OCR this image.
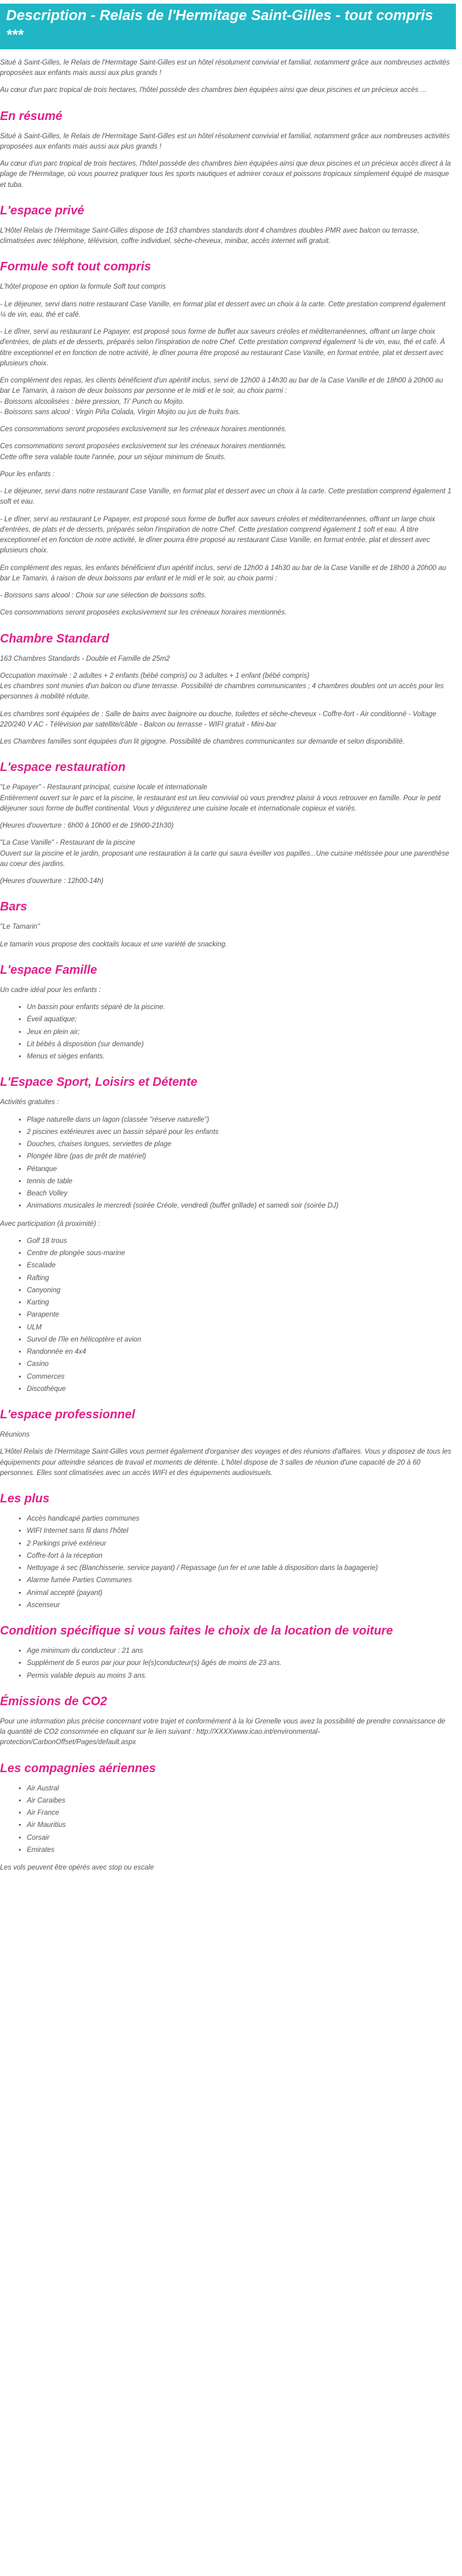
Description - Relais de l'Hermitage Saint-Gilles - tout compris ***

Situé à Saint-Gilles, le Relais de l'Hermitage Saint-Gilles est un hôtel résolument convivial et familial, notamment grâce aux nombreuses activités proposées aux enfants mais aussi aux plus grands !

Au cœur d'un parc tropical de trois hectares, l'hôtel possède des chambres bien équipées ainsi que deux piscines et un précieux accès ...

En résumé

Situé à Saint-Gilles, le Relais de l'Hermitage Saint-Gilles est un hôtel résolument convivial et familial, notamment grâce aux nombreuses activités proposées aux enfants mais aussi aux plus grands !

Au cœur d'un parc tropical de trois hectares, l'hôtel possède des chambres bien équipées ainsi que deux piscines et un précieux accès direct à la plage de l'Hermitage, où vous pourrez pratiquer tous les sports nautiques et admirer coraux et poissons tropicaux simplement équipé de masque et tuba.

L'espace privé

L'Hôtel Relais de l'Hermitage Saint-Gilles dispose de 163 chambres standards dont 4 chambres doubles PMR avec balcon ou terrasse, climatisées avec téléphone, télévision, coffre individuel, sèche-cheveux, minibar, accès internet wifi gratuit.

Formule soft tout compris

L'hôtel propose en option la formule Soft tout compris

- Le déjeuner, servi dans notre restaurant Case Vanille, en format plat et dessert avec un choix à la carte. Cette prestation comprend également ¼ de vin, eau, thé et café.

- Le dîner, servi au restaurant Le Papayer, est proposé sous forme de buffet aux saveurs créoles et méditerranéennes, offrant un large choix d'entrées, de plats et de desserts, préparés selon l'inspiration de notre Chef. Cette prestation comprend également ¼ de vin, eau, thé et café. À titre exceptionnel et en fonction de notre activité, le dîner pourra être proposé au restaurant Case Vanille, en format entrée, plat et dessert avec plusieurs choix.

En complément des repas, les clients bénéficient d'un apéritif inclus, servi de 12h00 à 14h30 au bar de la Case Vanille et de 18h00 à 20h00 au bar Le Tamarin, à raison de deux boissons par personne et le midi et le soir, au choix parmi :
- Boissons alcoolisées : bière pression, Ti' Punch ou Mojito.
- Boissons sans alcool : Virgin Piña Colada, Virgin Mojito ou jus de fruits frais.

Ces consommations seront proposées exclusivement sur les créneaux horaires mentionnés.

Ces consommations seront proposées exclusivement sur les créneaux horaires mentionnés.
Cette offre sera valable toute l'année, pour un séjour minimum de 5nuits.

Pour les enfants :

- Le déjeuner, servi dans notre restaurant Case Vanille, en format plat et dessert avec un choix à la carte. Cette prestation comprend également 1 soft et eau.

- Le dîner, servi au restaurant Le Papayer, est proposé sous forme de buffet aux saveurs créoles et méditerranéennes, offrant un large choix d'entrées, de plats et de desserts, préparés selon l'inspiration de notre Chef. Cette prestation comprend également 1 soft et eau. À titre exceptionnel et en fonction de notre activité, le dîner pourra être proposé au restaurant Case Vanille, en format entrée, plat et dessert avec plusieurs choix.

En complément des repas, les enfants bénéficient d'un apéritif inclus, servi de 12h00 à 14h30 au bar de la Case Vanille et de 18h00 à 20h00 au bar Le Tamarin, à raison de deux boissons par enfant et le midi et le soir, au choix parmi :

- Boissons sans alcool : Choix sur une sélection de boissons softs.

Ces consommations seront proposées exclusivement sur les créneaux horaires mentionnés.

Chambre Standard

163 Chambres Standards - Double et Famille de 25m2

Occupation maximale : 2 adultes + 2 enfants (bébé compris) ou 3 adultes + 1 enfant (bébé compris)
Les chambres sont munies d'un balcon ou d'une terrasse. Possibilité de chambres communicantes ; 4 chambres doubles ont un accès pour les personnes à mobilité réduite.

Les chambres sont équipées de : Salle de bains avec baignoire ou douche, toilettes et sèche-cheveux - Coffre-fort - Air conditionné - Voltage 220/240 V AC - Télévision par satellite/câble - Balcon ou terrasse - WIFI gratuit - Mini-bar

Les Chambres familles sont équipées d'un lit gigogne. Possibilité de chambres communicantes sur demande et selon disponibilité.

L'espace restauration

"Le Papayer" - Restaurant principal, cuisine locale et internationale
Entièrement ouvert sur le parc et la piscine, le restaurant est un lieu convivial où vous prendrez plaisir à vous retrouver en famille. Pour le petit déjeuner sous forme de buffet continental. Vous y dégusterez une cuisine locale et internationale copieux et variés.

(Heures d'ouverture : 6h00 à 10h00 et de 19h00-21h30)

"La Case Vanille" - Restaurant de la piscine
Ouvert sur la piscine et le jardin, proposant une restauration à la carte qui saura éveiller vos papilles...Une cuisine métissée pour une parenthèse au coeur des jardins.

(Heures d'ouverture : 12h00-14h)

Bars

"Le Tamarin"

Le tamarin vous propose des cocktails locaux et une variété de snacking.

L'espace Famille

Un cadre idéal pour les enfants :

• Un bassin pour enfants séparé de la piscine.
• Éveil aquatique;
• Jeux en plein air;
• Lit bébés à disposition (sur demande)
• Menus et sièges enfants.
L'Espace Sport, Loisirs et Détente

Activités gratuites :

• Plage naturelle dans un lagon (classée "réserve naturelle")
• 2 piscines extérieures avec un bassin séparé pour les enfants
• Douches, chaises longues, serviettes de plage
• Plongée libre (pas de prêt de matériel)
• Pétanque
• tennis de table
• Beach Volley
• Animations musicales le mercredi (soirée Créole, vendredi (buffet grillade) et samedi soir (soirée DJ)

Avec participation (à proximité) :

• Golf 18 trous
• Centre de plongée sous-marine
• Escalade
• Rafting
• Canyoning
• Karting
• Parapente
• ULM
• Survol de l'île en hélicoptère et avion
• Randonnée en 4x4
• Casino
• Commerces
• Discothèque
L'espace professionnel

Réunions

L'Hôtel Relais de l'Hermitage Saint-Gilles vous permet également d'organiser des voyages et des réunions d'affaires. Vous y disposez de tous les équipements pour atteindre séances de travail et moments de détente. L'hôtel dispose de 3 salles de réunion d'une capacité de 20 à 60 personnes. Elles sont climatisées avec un accès WIFI et des équipements audiovisuels.

Les plus
• Accès handicapé parties communes
• WIFI Internet sans fil dans l'hôtel
• 2 Parkings privé extérieur
• Coffre-fort à la réception
• Nettoyage à sec (Blanchisserie, service payant) / Repassage (un fer et une table à disposition dans la bagagerie)
• Alarme fumée Parties Communes
• Animal accepté (payant)
• Ascenseur
Condition spécifique si vous faites le choix de la location de voiture
• Age minimum du conducteur : 21 ans
• Supplément de 5 euros par jour pour le(s)conducteur(s) âgés de moins de 23 ans.
• Permis valable depuis au moins 3 ans.
Émissions de CO2

Pour une information plus précise concernant votre trajet et conformément à la loi Grenelle vous avez la possibilité de prendre connaissance de la quantité de CO2 consommée en cliquant sur le lien suivant : http://XXXXwww.icao.int/environmental-protection/CarbonOffset/Pages/default.aspx

Les compagnies aériennes
• Air Austral
• Air Caraibes
• Air France
• Air Mauritius
• Corsair
• Emirates

Les vols peuvent être opérés avec stop ou escale
